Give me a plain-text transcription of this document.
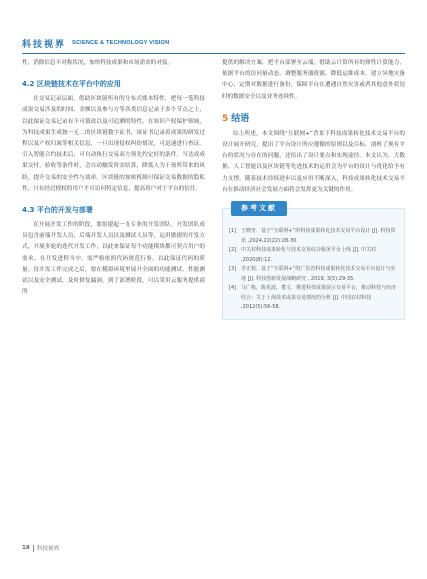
科技视界 SCIENCE & TECHNOLOGY VISION

性，消除信息不对称状况，加快科技成果和市场需求的对接。

4.2 区块链技术在平台中的应用

在交易记录层面，借助区块链所有的分布式账本特性，把每一笔科技成果交易涉及的时间、金额以及参与方等各类信息记录于多个节点之上，以此保证交易记录有不可篡改以及可追溯的特性。在知识产权保护领域，为科技成果生成独一无二的区块链数字证书，该证书记录着成果的研发过程以及产权归属等相关信息，一旦出现侵权纠纷情况，可迅速进行查证。引入智能合约技术后，可自动执行交易双方预先约定好的条件。当达成成果交付、验收等条件时，会自动触发资金结算，降低人为干预所带来的风险，提升交易的安全性与效率。区块链的加密机制可保证交易数据的隐私性，只有经过授权的用户才可访问特定信息，提高用户对于平台的信任。

4.3 平台的开发与部署

在开展开发工作的阶段，要组建起一支专业的开发团队。开发团队成员包含前端开发人员、后端开发人员以及测试人员等，运用敏捷的开发方式，开展多轮的迭代开发工作，以此来保证每个功能模块都可契合用户的需求。在开发进程当中，需严格依照代码规范行事，以此保证代码的质量。待开发工作完成之后，要在模拟环境里展开全面的功能测试、性能测试以及安全测试，及时修复漏洞。到了部署阶段，可以采用云服务提供商所

提供的解决方案，把平台部署至云端，借助云计算所有的弹性计算能力，依据平台的访问量动态、调整服务器资源，降低运维成本。建立异地灾备中心，定期对数据进行备份，保障平台在遭遇自然灾害或者其他意外状况时的数据安全以及业务连续性。

5 结语

综上所述，本文围绕“互联网+”背景下科技成果转化技术交易平台的设计展开研究，提出了平台设计所应遵循的原则以及目标，剖析了现有平台的状况与存在的问题，还给出了设计要点和实现途径。本文认为，大数据、人工智能以及区块链等先进技术的运用会为平台的设计与优化给予有力支撑。随着技术持续进步以及应用不断深入，科技成果转化技术交易平台在推动经济社会发展方面将会发挥更为关键的作用。

参考文献
[1] 王晓舟．基于“互联网+”的科技成果转化技术交易平台设计 [J]. 科技资讯 ,2024,22(22):28-30.
[2] 中关村科技成果转化与技术交易综合服务平台上线 [J]. 中关村 ,2020(8):12.
[3] 李正权．基于“互联网+”的广东省科技成果转化技术交易平台设计与实现 [J]. 科技创新发展战略研究 , 2019, 3(5):29-35.
[4] 马广栋，陈兆波，董文．推进科技成果展示交易平台，推动科技与经济结合：关于上海技术成果交易情况的分析 [J]. 中国农村科技 ,2012(5):56-58.
18 科技视界
